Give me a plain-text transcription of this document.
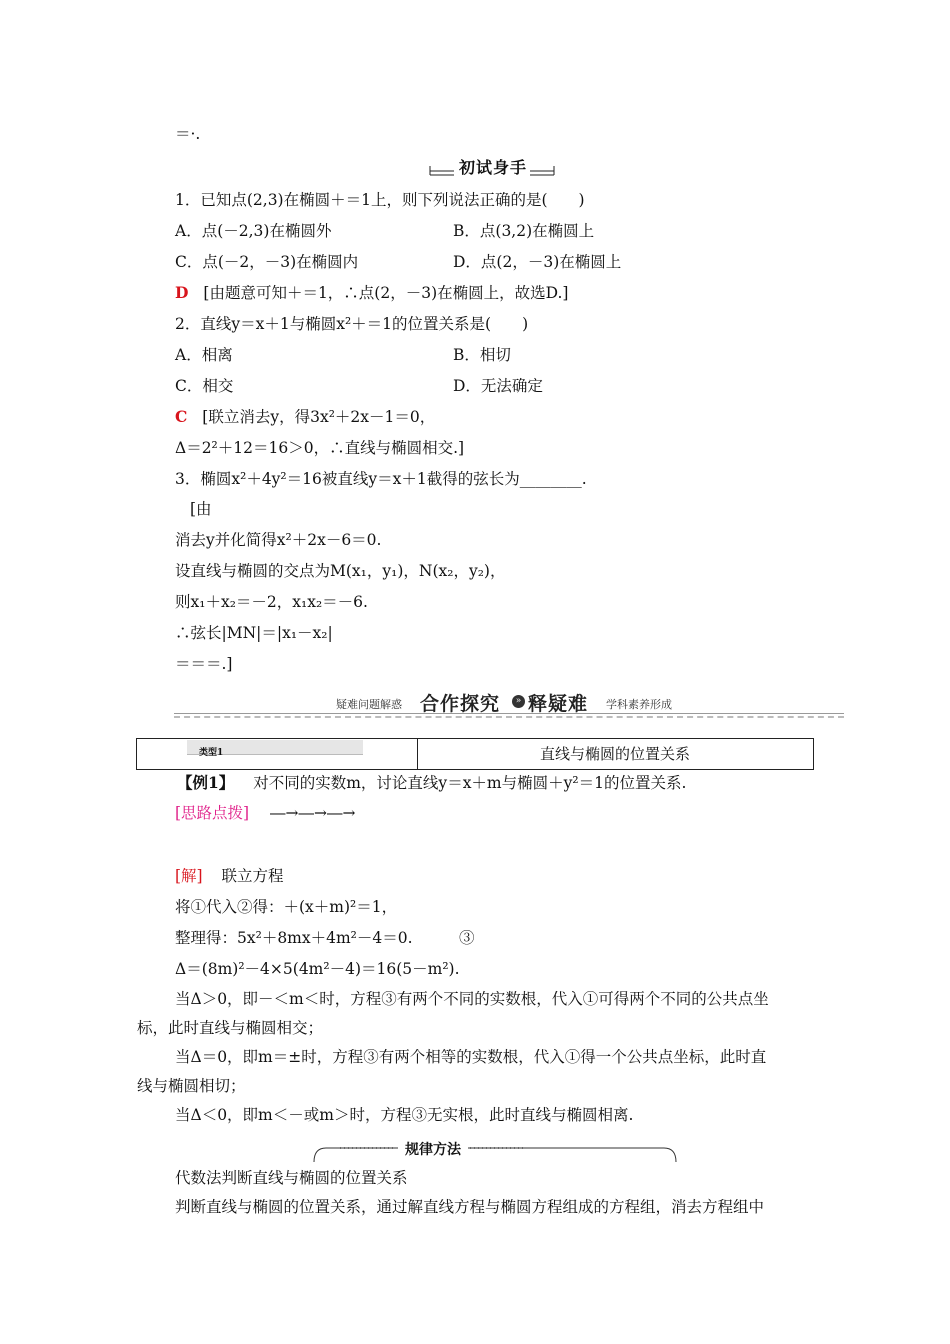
＝·.
初试身手
1．已知点(2,3)在椭圆＋＝1上，则下列说法正确的是(　　)
A．点(－2,3)在椭圆外	B．点(3,2)在椭圆上
C．点(－2，－3)在椭圆内	D．点(2，－3)在椭圆上
D [由题意可知＋＝1，∴点(2，－3)在椭圆上，故选D.]
2．直线y＝x＋1与椭圆x²＋＝1的位置关系是(　　)
A．相离	B．相切
C．相交	D．无法确定
C [联立消去y，得3x²＋2x－1＝0，
Δ＝2²＋12＝16＞0，∴直线与椭圆相交.]
3．椭圆x²＋4y²＝16被直线y＝x＋1截得的弦长为________.
[由
消去y并化简得x²＋2x－6＝0.
设直线与椭圆的交点为M(x₁，y₁)，N(x₂，y₂)，
则x₁＋x₂＝－2，x₁x₂＝－6.
∴弦长|MN|＝|x₁－x₂|
＝＝＝.]
疑难问题解惑 合作探究	» 释疑难 学科素养形成
类型1	直线与椭圆的位置关系
【例1】 对不同的实数m，讨论直线y＝x＋m与椭圆＋y²＝1的位置关系.
[思路点拨] ―→―→―→
[解] 联立方程
将①代入②得：＋(x＋m)²＝1，
整理得：5x²＋8mx＋4m²－4＝0.　　　③
Δ＝(8m)²－4×5(4m²－4)＝16(5－m²).
当Δ＞0，即－＜m＜时，方程③有两个不同的实数根，代入①可得两个不同的公共点坐
标，此时直线与椭圆相交；
当Δ＝0，即m＝±时，方程③有两个相等的实数根，代入①得一个公共点坐标，此时直
线与椭圆相切；
当Δ＜0，即m＜－或m＞时，方程③无实根，此时直线与椭圆相离.
规律方法
代数法判断直线与椭圆的位置关系
判断直线与椭圆的位置关系，通过解直线方程与椭圆方程组成的方程组，消去方程组中
